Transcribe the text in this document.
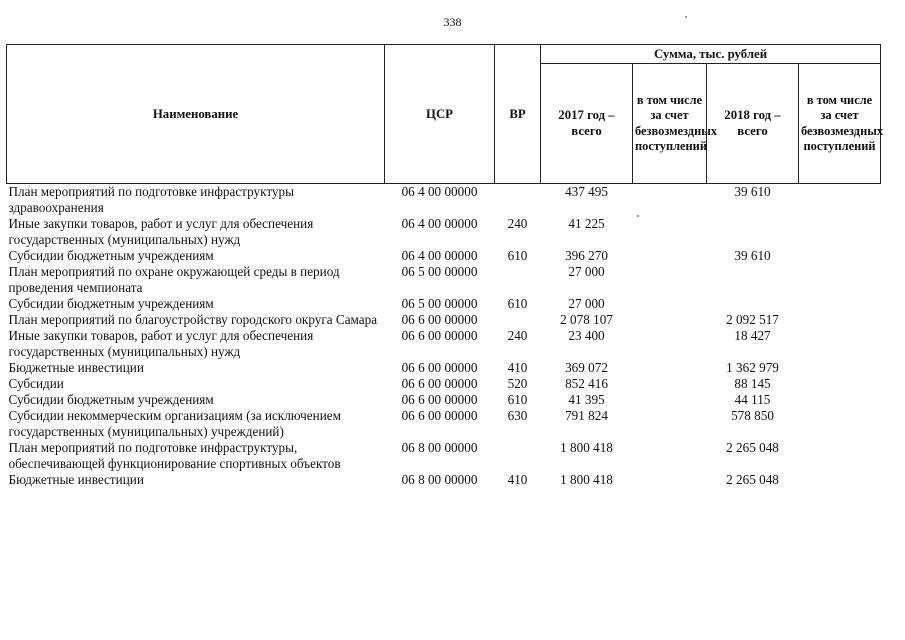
338
Наименование	ЦСР	ВР	Сумма, тыс. рублей			
			2017 год – всего	в том числе за счет безвозмездных поступлений	2018 год – всего	в том числе за счет безвозмездных поступлений
План мероприятий по подготовке инфраструктуры здравоохранения	06 4 00 00000		437 495		39 610	
Иные закупки товаров, работ и услуг для обеспечения государственных (муниципальных) нужд	06 4 00 00000	240	41 225			
Субсидии бюджетным учреждениям	06 4 00 00000	610	396 270		39 610	
План мероприятий по охране окружающей среды в период проведения чемпионата	06 5 00 00000		27 000			
Субсидии бюджетным учреждениям	06 5 00 00000	610	27 000			
План мероприятий по благоустройству городского округа Самара	06 6 00 00000		2 078 107		2 092 517	
Иные закупки товаров, работ и услуг для обеспечения государственных (муниципальных) нужд	06 6 00 00000	240	23 400		18 427	
Бюджетные инвестиции	06 6 00 00000	410	369 072		1 362 979	
Субсидии	06 6 00 00000	520	852 416		88 145	
Субсидии бюджетным учреждениям	06 6 00 00000	610	41 395		44 115	
Субсидии некоммерческим организациям (за исключением государственных (муниципальных) учреждений)	06 6 00 00000	630	791 824		578 850	
План мероприятий по подготовке инфраструктуры, обеспечивающей функционирование спортивных объектов	06 8 00 00000		1 800 418		2 265 048	
Бюджетные инвестиции	06 8 00 00000	410	1 800 418		2 265 048	
